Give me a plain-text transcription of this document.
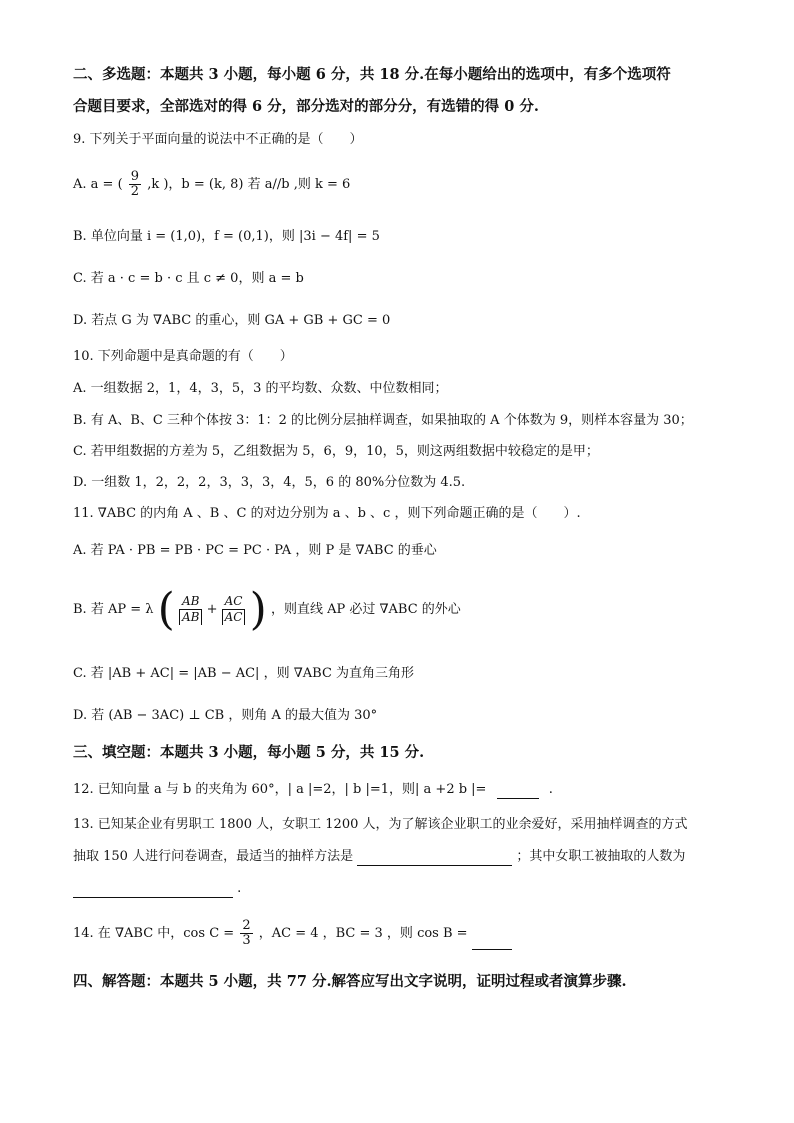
二、多选题：本题共 3 小题，每小题 6 分，共 18 分.在每小题给出的选项中，有多个选项符
合题目要求，全部选对的得 6 分，部分选对的部分分，有选错的得 0 分.
9. 下列关于平面向量的说法中不正确的是（　　）
A. a = ( $\frac{9}{2} ,k$ )，b = (k, 8) 若 a//b ,则 k = 6
B. 单位向量 i = (1,0)，f = (0,1)，则 |3i − 4f| = 5
C. 若 a · c = b · c 且 c ≠ 0，则 a = b
D. 若点 G 为 ∇ABC 的重心，则 GA + GB + GC = 0
10. 下列命题中是真命题的有（　　）
A. 一组数据 2，1，4，3，5，3 的平均数、众数、中位数相同；
B. 有 A、B、C 三种个体按 3：1：2 的比例分层抽样调查，如果抽取的 A 个体数为 9，则样本容量为 30；
C. 若甲组数据的方差为 5，乙组数据为 5，6，9，10，5，则这两组数据中较稳定的是甲；
D. 一组数 1，2，2，2，3，3，3，4，5，6 的 80%分位数为 4.5.
11. ∇ABC 的内角 A 、B 、C 的对边分别为 a 、b 、c ，则下列命题正确的是（　　）.
A. 若 PA · PB = PB · PC = PC · PA ，则 P 是 ∇ABC 的垂心
B. 若 AP = λ ( $\frac{AB}{AB} + \frac{AC}{AC}$ ) ，则直线 AP 必过 ∇ABC 的外心
C. 若 |AB + AC| = |AB − AC| ，则 ∇ABC 为直角三角形
D. 若 (AB − 3AC) ⊥ CB ，则角 A 的最大值为 30°
三、填空题：本题共 3 小题，每小题 5 分，共 15 分.
12. 已知向量 a 与 b 的夹角为 60°，| a |=2，| b |=1，则| a +2 b |=	.
13. 已知某企业有男职工 1800 人，女职工 1200 人，为了解该企业职工的业余爱好，采用抽样调查的方式
抽取 150 人进行问卷调查，最适当的抽样方法是	；其中女职工被抽取的人数为
.
14. 在 ∇ABC 中，$\cos C = \frac{2}{3}$ ，AC = 4 ，BC = 3 ，则 cos B =
四、解答题：本题共 5 小题，共 77 分.解答应写出文字说明，证明过程或者演算步骤.
